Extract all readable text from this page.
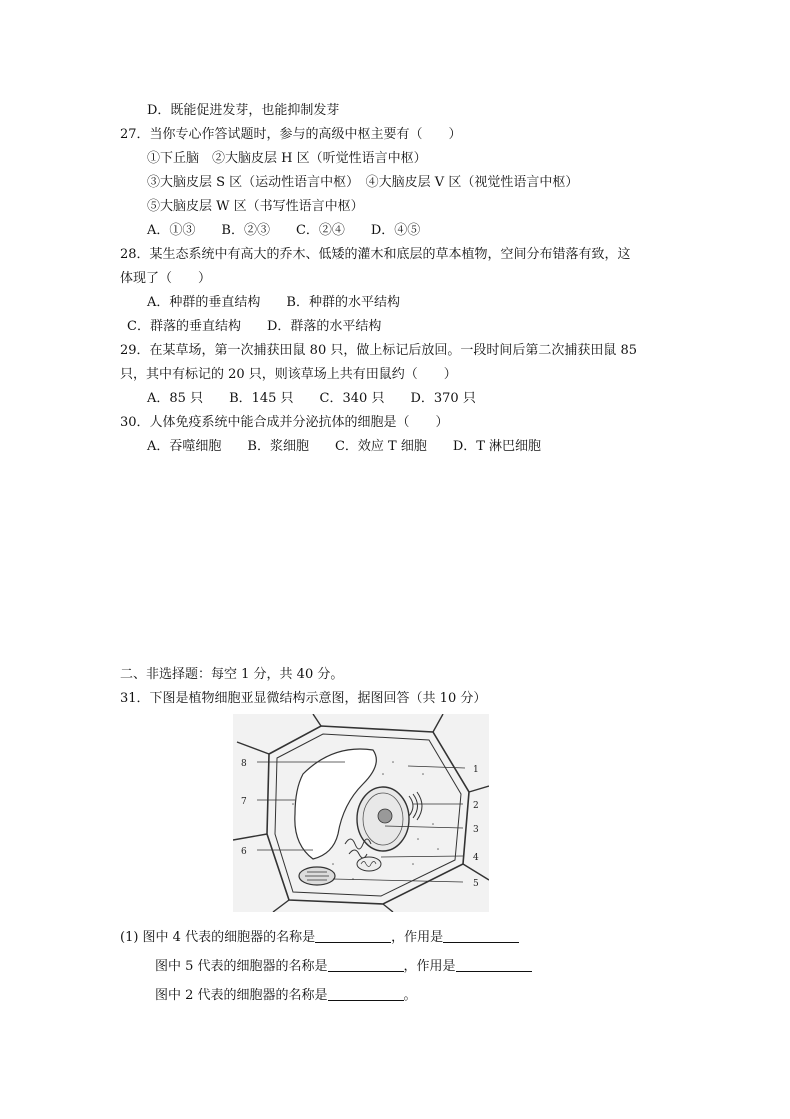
D．既能促进发芽，也能抑制发芽
27．当你专心作答试题时，参与的高级中枢主要有（　　）
①下丘脑　②大脑皮层 H 区（听觉性语言中枢）
③大脑皮层 S 区（运动性语言中枢）　④大脑皮层 V 区（视觉性语言中枢）
⑤大脑皮层 W 区（书写性语言中枢）
A．①③　　B．②③　　C．②④　　D．④⑤
28．某生态系统中有高大的乔木、低矮的灌木和底层的草本植物，空间分布错落有致，这
体现了（　　）
A．种群的垂直结构　　B．种群的水平结构
C．群落的垂直结构　　D．群落的水平结构
29．在某草场，第一次捕获田鼠 80 只，做上标记后放回。一段时间后第二次捕获田鼠 85
只，其中有标记的 20 只，则该草场上共有田鼠约（　　）
A．85 只　　B．145 只　　C．340 只　　D．370 只
30．人体免疫系统中能合成并分泌抗体的细胞是（　　）
A．吞噬细胞　　B．浆细胞　　C．效应 T 细胞　　D．T 淋巴细胞
二、非选择题：每空 1 分，共 40 分。
31．下图是植物细胞亚显微结构示意图，据图回答（共 10 分）
1
2
3
4
5
6
7
8
(1) 图中 4 代表的细胞器的名称是	，作用是
图中 5 代表的细胞器的名称是	，作用是
图中 2 代表的细胞器的名称是	。
